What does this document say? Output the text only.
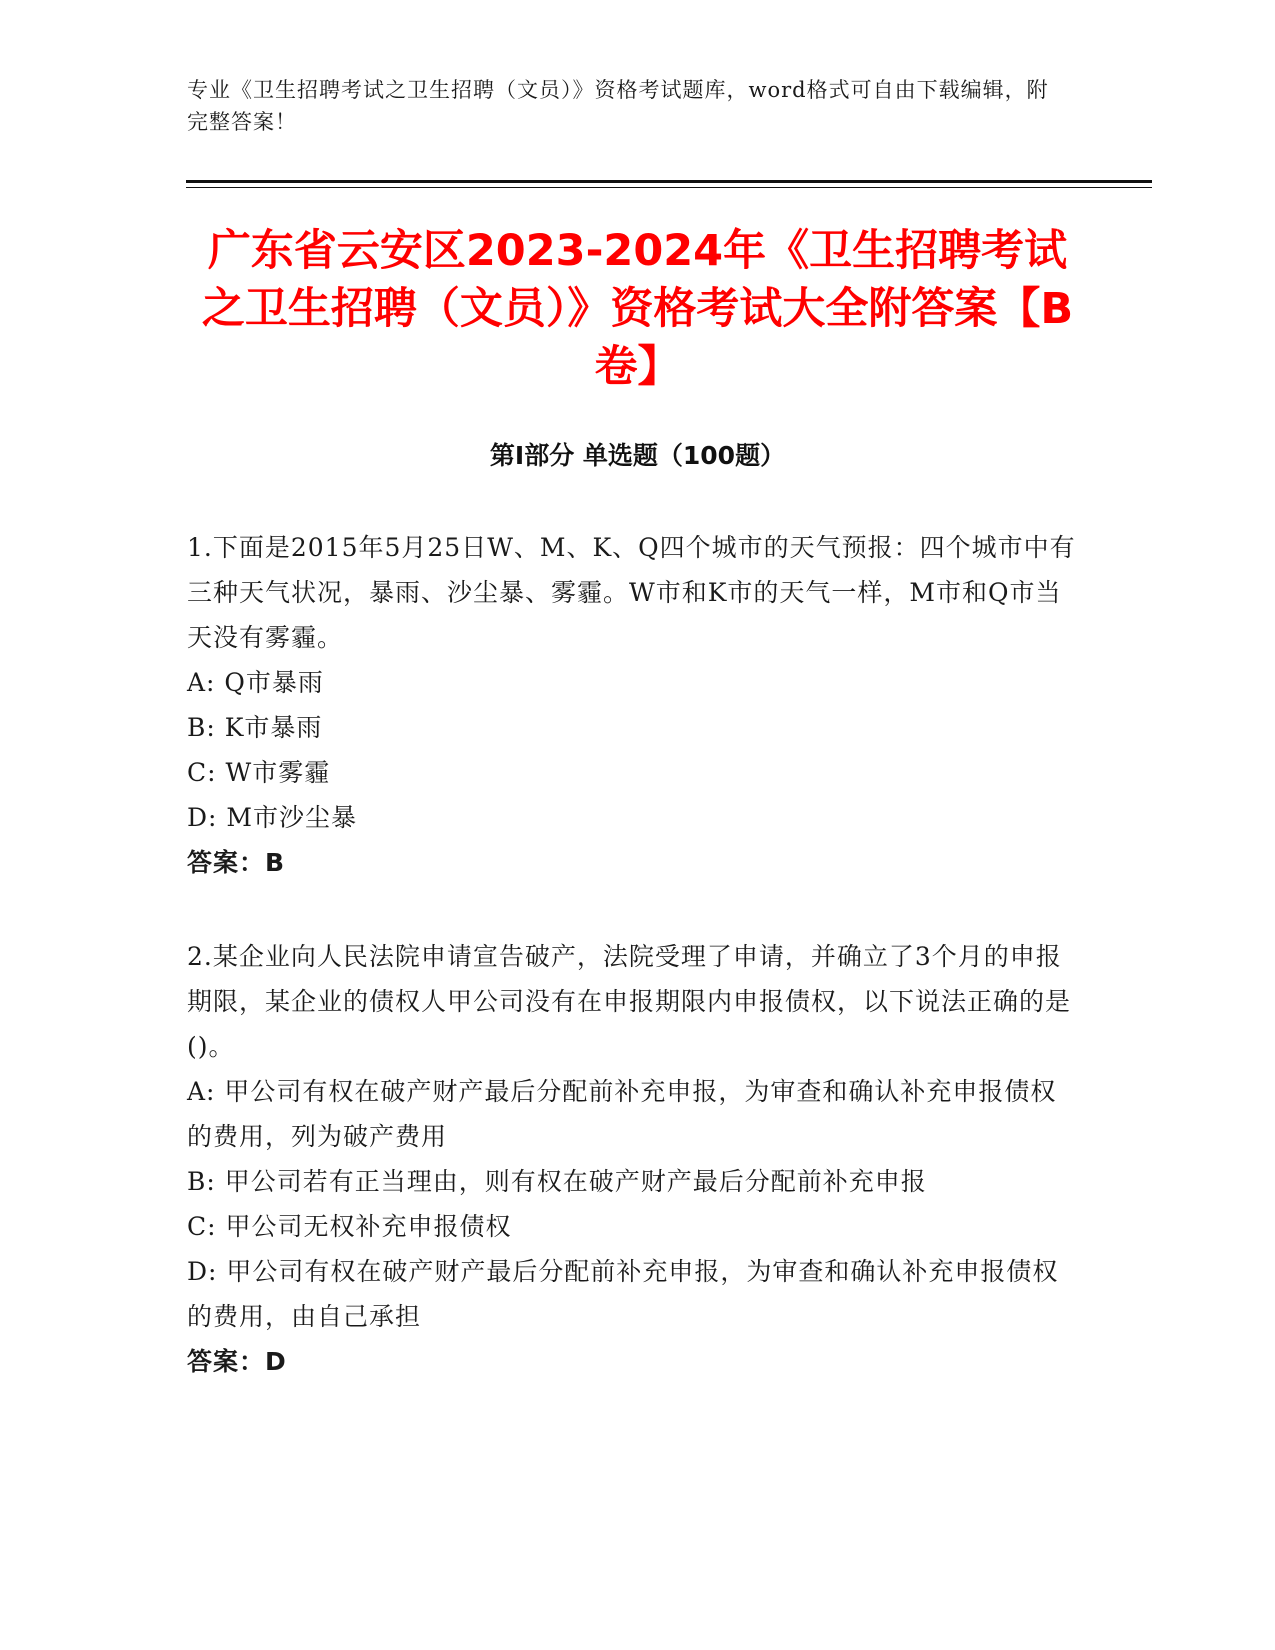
专业《卫生招聘考试之卫生招聘（文员）》资格考试题库，word格式可自由下载编辑，附完整答案！
广东省云安区2023-2024年《卫生招聘考试之卫生招聘（文员）》资格考试大全附答案【B卷】
第I部分 单选题（100题）

1.下面是2015年5月25日W、M、K、Q四个城市的天气预报：四个城市中有三种天气状况，暴雨、沙尘暴、雾霾。W市和K市的天气一样，M市和Q市当天没有雾霾。

A: Q市暴雨

B: K市暴雨

C: W市雾霾

D: M市沙尘暴

答案：B

2.某企业向人民法院申请宣告破产，法院受理了申请，并确立了3个月的申报期限，某企业的债权人甲公司没有在申报期限内申报债权，以下说法正确的是()。

A: 甲公司有权在破产财产最后分配前补充申报，为审查和确认补充申报债权的费用，列为破产费用

B: 甲公司若有正当理由，则有权在破产财产最后分配前补充申报

C: 甲公司无权补充申报债权

D: 甲公司有权在破产财产最后分配前补充申报，为审查和确认补充申报债权的费用，由自己承担

答案：D
